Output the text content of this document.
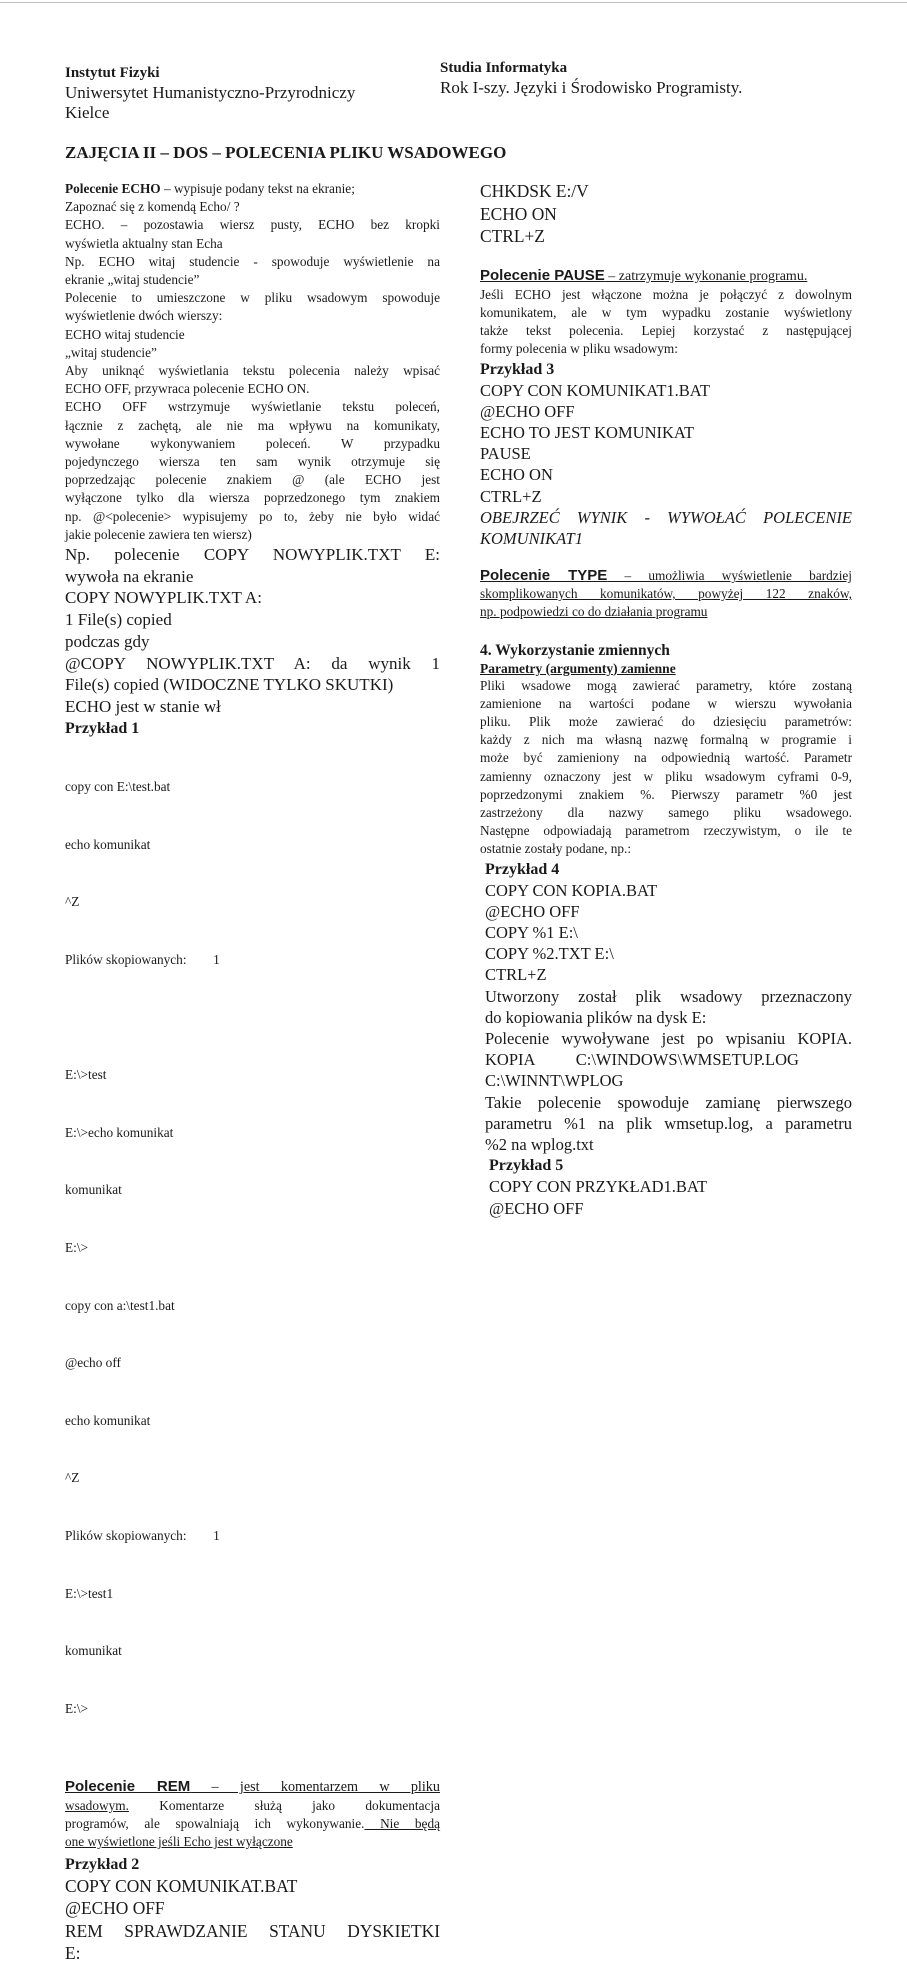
Instytut Fizyki
Uniwersytet Humanistyczno-Przyrodniczy
Kielce
Studia Informatyka
Rok I-szy. Języki i Środowisko Programisty.
ZAJĘCIA II – DOS – POLECENIA PLIKU WSADOWEGO
Polecenie ECHO – wypisuje podany tekst na ekranie;
Zapoznać się z komendą Echo/ ?
ECHO. – pozostawia wiersz pusty, ECHO bez kropki
wyświetla aktualny stan Echa
Np. ECHO witaj studencie - spowoduje wyświetlenie na
ekranie „witaj studencie”
Polecenie to umieszczone w pliku wsadowym spowoduje
wyświetlenie dwóch wierszy:
ECHO witaj studencie
„witaj studencie”
Aby uniknąć wyświetlania tekstu polecenia należy wpisać
ECHO OFF, przywraca polecenie ECHO ON.
ECHO OFF wstrzymuje wyświetlanie tekstu poleceń,
łącznie z zachętą, ale nie ma wpływu na komunikaty,
wywołane wykonywaniem poleceń. W przypadku
pojedynczego wiersza ten sam wynik otrzymuje się
poprzedzając polecenie znakiem @ (ale ECHO jest
wyłączone tylko dla wiersza poprzedzonego tym znakiem
np. @<polecenie> wypisujemy po to, żeby nie było widać
jakie polecenie zawiera ten wiersz)
Np. polecenie COPY NOWYPLIK.TXT E:
wywoła na ekranie
COPY NOWYPLIK.TXT A:
1 File(s) copied
podczas gdy
@COPY NOWYPLIK.TXT A: da wynik 1
File(s) copied (WIDOCZNE TYLKO SKUTKI)
ECHO jest w stanie wł
Przykład 1

copy con E:\test.bat

echo komunikat

^Z

Plików skopiowanych:        1

E:\>test

E:\>echo komunikat

komunikat

E:\>

copy con a:\test1.bat

@echo off

echo komunikat

^Z

Plików skopiowanych:        1

E:\>test1

komunikat

E:\>

Polecenie REM – jest komentarzem w pliku
wsadowym. Komentarze służą jako dokumentacja
programów, ale spowalniają ich wykonywanie. Nie będą
one wyświetlone jeśli Echo jest wyłączone
Przykład 2
COPY CON KOMUNIKAT.BAT
@ECHO OFF
REM SPRAWDZANIE STANU DYSKIETKI
E:
CHKDSK E:/V
ECHO ON
CTRL+Z
Polecenie PAUSE – zatrzymuje wykonanie programu.
Jeśli ECHO jest włączone można je połączyć z dowolnym
komunikatem, ale w tym wypadku zostanie wyświetlony
także tekst polecenia. Lepiej korzystać z następującej
formy polecenia w pliku wsadowym:
Przykład 3
COPY CON KOMUNIKAT1.BAT
@ECHO OFF
ECHO TO JEST KOMUNIKAT
PAUSE
ECHO ON
CTRL+Z
OBEJRZEĆ WYNIK - WYWOŁAĆ POLECENIE
KOMUNIKAT1
Polecenie TYPE – umożliwia wyświetlenie bardziej
skomplikowanych komunikatów, powyżej 122 znaków,
np. podpowiedzi co do działania programu
4. Wykorzystanie zmiennych
Parametry (argumenty) zamienne
Pliki wsadowe mogą zawierać parametry, które zostaną
zamienione na wartości podane w wierszu wywołania
pliku. Plik może zawierać do dziesięciu parametrów:
każdy z nich ma własną nazwę formalną w programie i
może być zamieniony na odpowiednią wartość. Parametr
zamienny oznaczony jest w pliku wsadowym cyframi 0-9,
poprzedzonymi znakiem %. Pierwszy parametr %0 jest
zastrzeżony dla nazwy samego pliku wsadowego.
Następne odpowiadają parametrom rzeczywistym, o ile te
ostatnie zostały podane, np.:
Przykład 4
COPY CON KOPIA.BAT
@ECHO OFF
COPY %1 E:\
COPY %2.TXT E:\
CTRL+Z
Utworzony został plik wsadowy przeznaczony
do kopiowania plików na dysk E:
Polecenie wywoływane jest po wpisaniu KOPIA.
KOPIA          C:\WINDOWS\WMSETUP.LOG
C:\WINNT\WPLOG
Takie polecenie spowoduje zamianę pierwszego
parametru %1 na plik wmsetup.log, a parametru
%2 na wplog.txt
Przykład 5
COPY CON PRZYKŁAD1.BAT
@ECHO OFF
